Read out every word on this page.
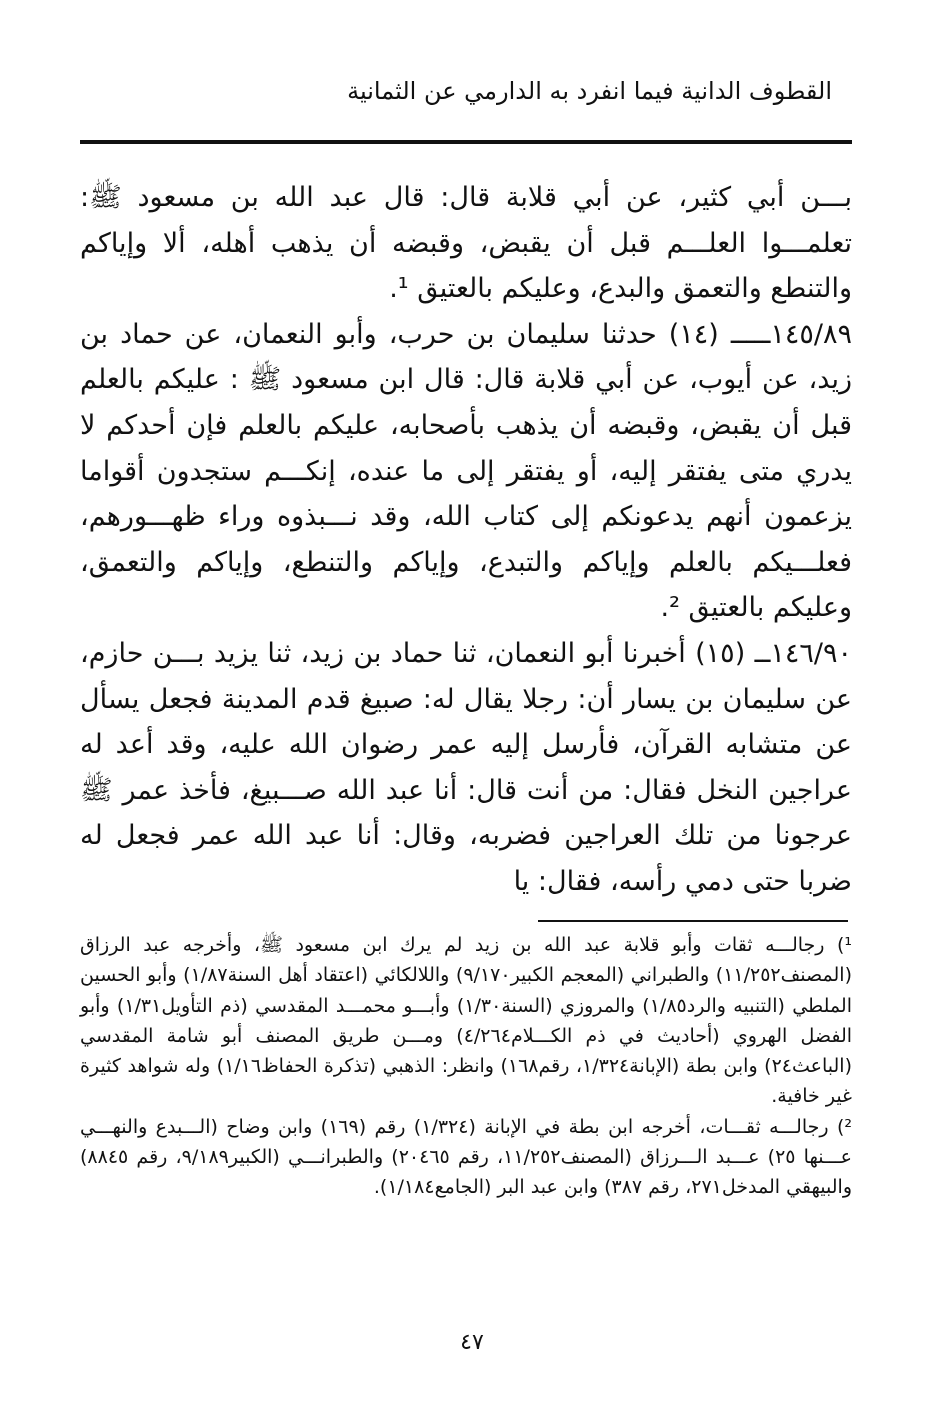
القطوف الدانية فيما انفرد به الدارمي عن الثمانية

بـــن أبي كثير، عن أبي قلابة قال: قال عبد الله بن مسعود ﷺ: تعلمـــوا العلـــم قبل أن يقبض، وقبضه أن يذهب أهله، ألا وإياكم والتنطع والتعمق والبدع، وعليكم بالعتيق ¹.

١٤٥/٨٩ـــــ (١٤) حدثنا سليمان بن حرب، وأبو النعمان، عن حماد بن زيد، عن أيوب، عن أبي قلابة قال: قال ابن مسعود ﷺ : عليكم بالعلم قبل أن يقبض، وقبضه أن يذهب بأصحابه، عليكم بالعلم فإن أحدكم لا يدري متى يفتقر إليه، أو يفتقر إلى ما عنده، إنكـــم ستجدون أقواما يزعمون أنهم يدعونكم إلى كتاب الله، وقد نـــبذوه وراء ظهـــورهم، فعلـــيكم بالعلم وإياكم والتبدع، وإياكم والتنطع، وإياكم والتعمق، وعليكم بالعتيق ².

١٤٦/٩٠ــ (١٥) أخبرنا أبو النعمان، ثنا حماد بن زيد، ثنا يزيد بـــن حازم، عن سليمان بن يسار أن: رجلا يقال له: صبيغ قدم المدينة فجعل يسأل عن متشابه القرآن، فأرسل إليه عمر رضوان الله عليه، وقد أعد له عراجين النخل فقال: من أنت قال: أنا عبد الله صـــبيغ، فأخذ عمر ﷺ عرجونا من تلك العراجين فضربه، وقال: أنا عبد الله عمر فجعل له ضربا حتى دمي رأسه، فقال: يا

¹) رجالـــه ثقات وأبو قلابة عبد الله بن زيد لم يرك ابن مسعود ﷺ، وأخرجه عبد الرزاق (المصنف١١/٢٥٢) والطبراني (المعجم الكبير٩/١٧٠) واللالكائي (اعتقاد أهل السنة١/٨٧) وأبو الحسين الملطي (التنبيه والرد١/٨٥) والمروزي (السنة١/٣٠) وأبـــو محمـــد المقدسي (ذم التأويل١/٣١) وأبو الفضل الهروي (أحاديث في ذم الكـــلام٤/٢٦٤) ومـــن طريق المصنف أبو شامة المقدسي (الباعث٢٤) وابن بطة (الإبانة١/٣٢٤، رقم١٦٨) وانظر: الذهبي (تذكرة الحفاظ١/١٦) وله شواهد كثيرة غير خافية.

²) رجالـــه ثقـــات، أخرجه ابن بطة في الإبانة (١/٣٢٤) رقم (١٦٩) وابن وضاح (الـــبدع والنهـــي عـــنها ٢٥) عـــبد الـــرزاق (المصنف١١/٢٥٢، رقم ٢٠٤٦٥) والطبرانـــي (الكبير٩/١٨٩، رقم ٨٨٤٥) والبيهقي المدخل٢٧١، رقم ٣٨٧) وابن عبد البر (الجامع١/١٨٤).

٤٧
